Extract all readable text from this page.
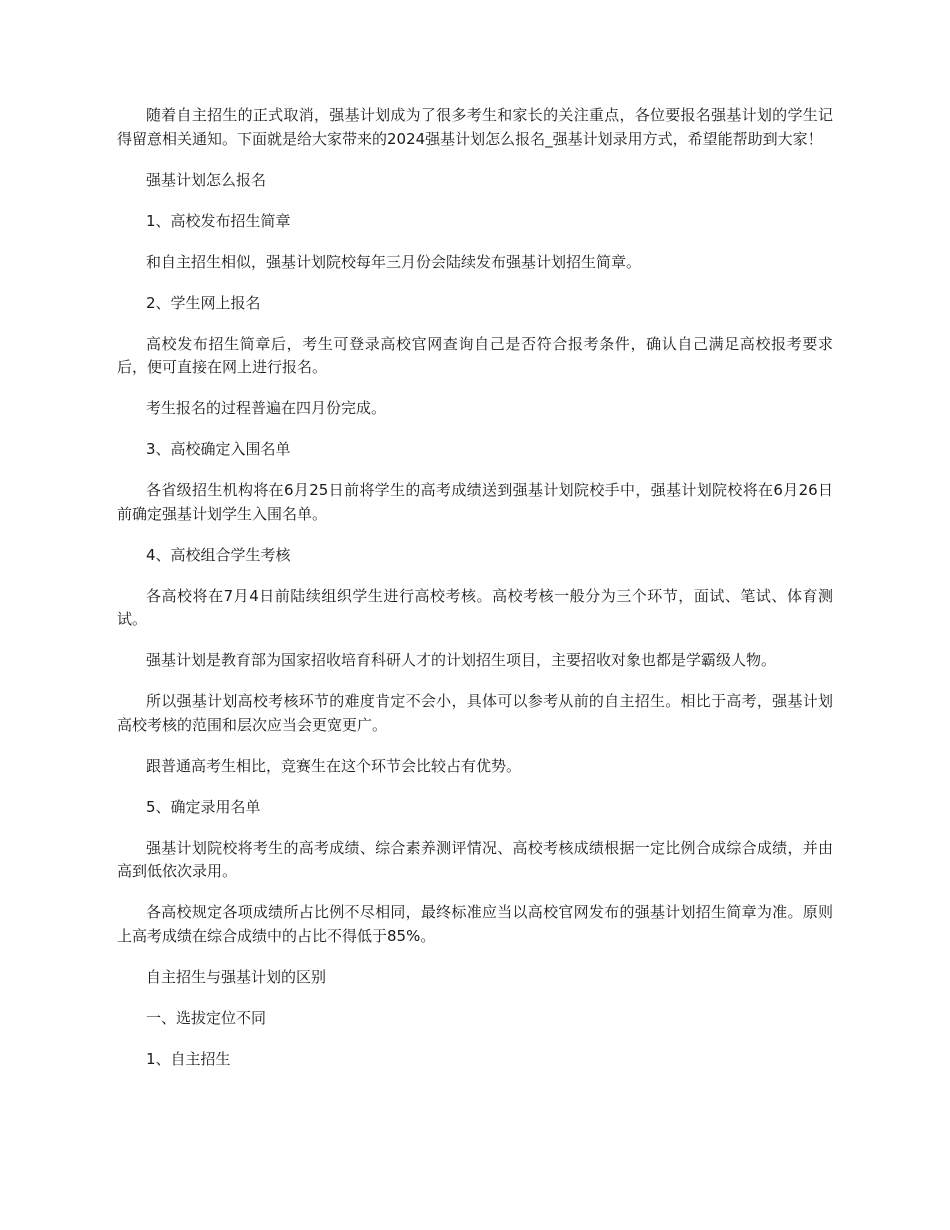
随着自主招生的正式取消，强基计划成为了很多考生和家长的关注重点，各位要报名强基计划的学生记得留意相关通知。下面就是给大家带来的2024强基计划怎么报名_强基计划录用方式，希望能帮助到大家！

强基计划怎么报名

1、高校发布招生简章

和自主招生相似，强基计划院校每年三月份会陆续发布强基计划招生简章。

2、学生网上报名

高校发布招生简章后，考生可登录高校官网查询自己是否符合报考条件，确认自己满足高校报考要求后，便可直接在网上进行报名。

考生报名的过程普遍在四月份完成。

3、高校确定入围名单

各省级招生机构将在6月25日前将学生的高考成绩送到强基计划院校手中，强基计划院校将在6月26日前确定强基计划学生入围名单。

4、高校组合学生考核

各高校将在7月4日前陆续组织学生进行高校考核。高校考核一般分为三个环节，面试、笔试、体育测试。

强基计划是教育部为国家招收培育科研人才的计划招生项目，主要招收对象也都是学霸级人物。

所以强基计划高校考核环节的难度肯定不会小，具体可以参考从前的自主招生。相比于高考，强基计划高校考核的范围和层次应当会更宽更广。

跟普通高考生相比，竞赛生在这个环节会比较占有优势。

5、确定录用名单

强基计划院校将考生的高考成绩、综合素养测评情况、高校考核成绩根据一定比例合成综合成绩，并由高到低依次录用。

各高校规定各项成绩所占比例不尽相同，最终标准应当以高校官网发布的强基计划招生简章为准。原则上高考成绩在综合成绩中的占比不得低于85%。

自主招生与强基计划的区别

一、选拔定位不同

1、自主招生
